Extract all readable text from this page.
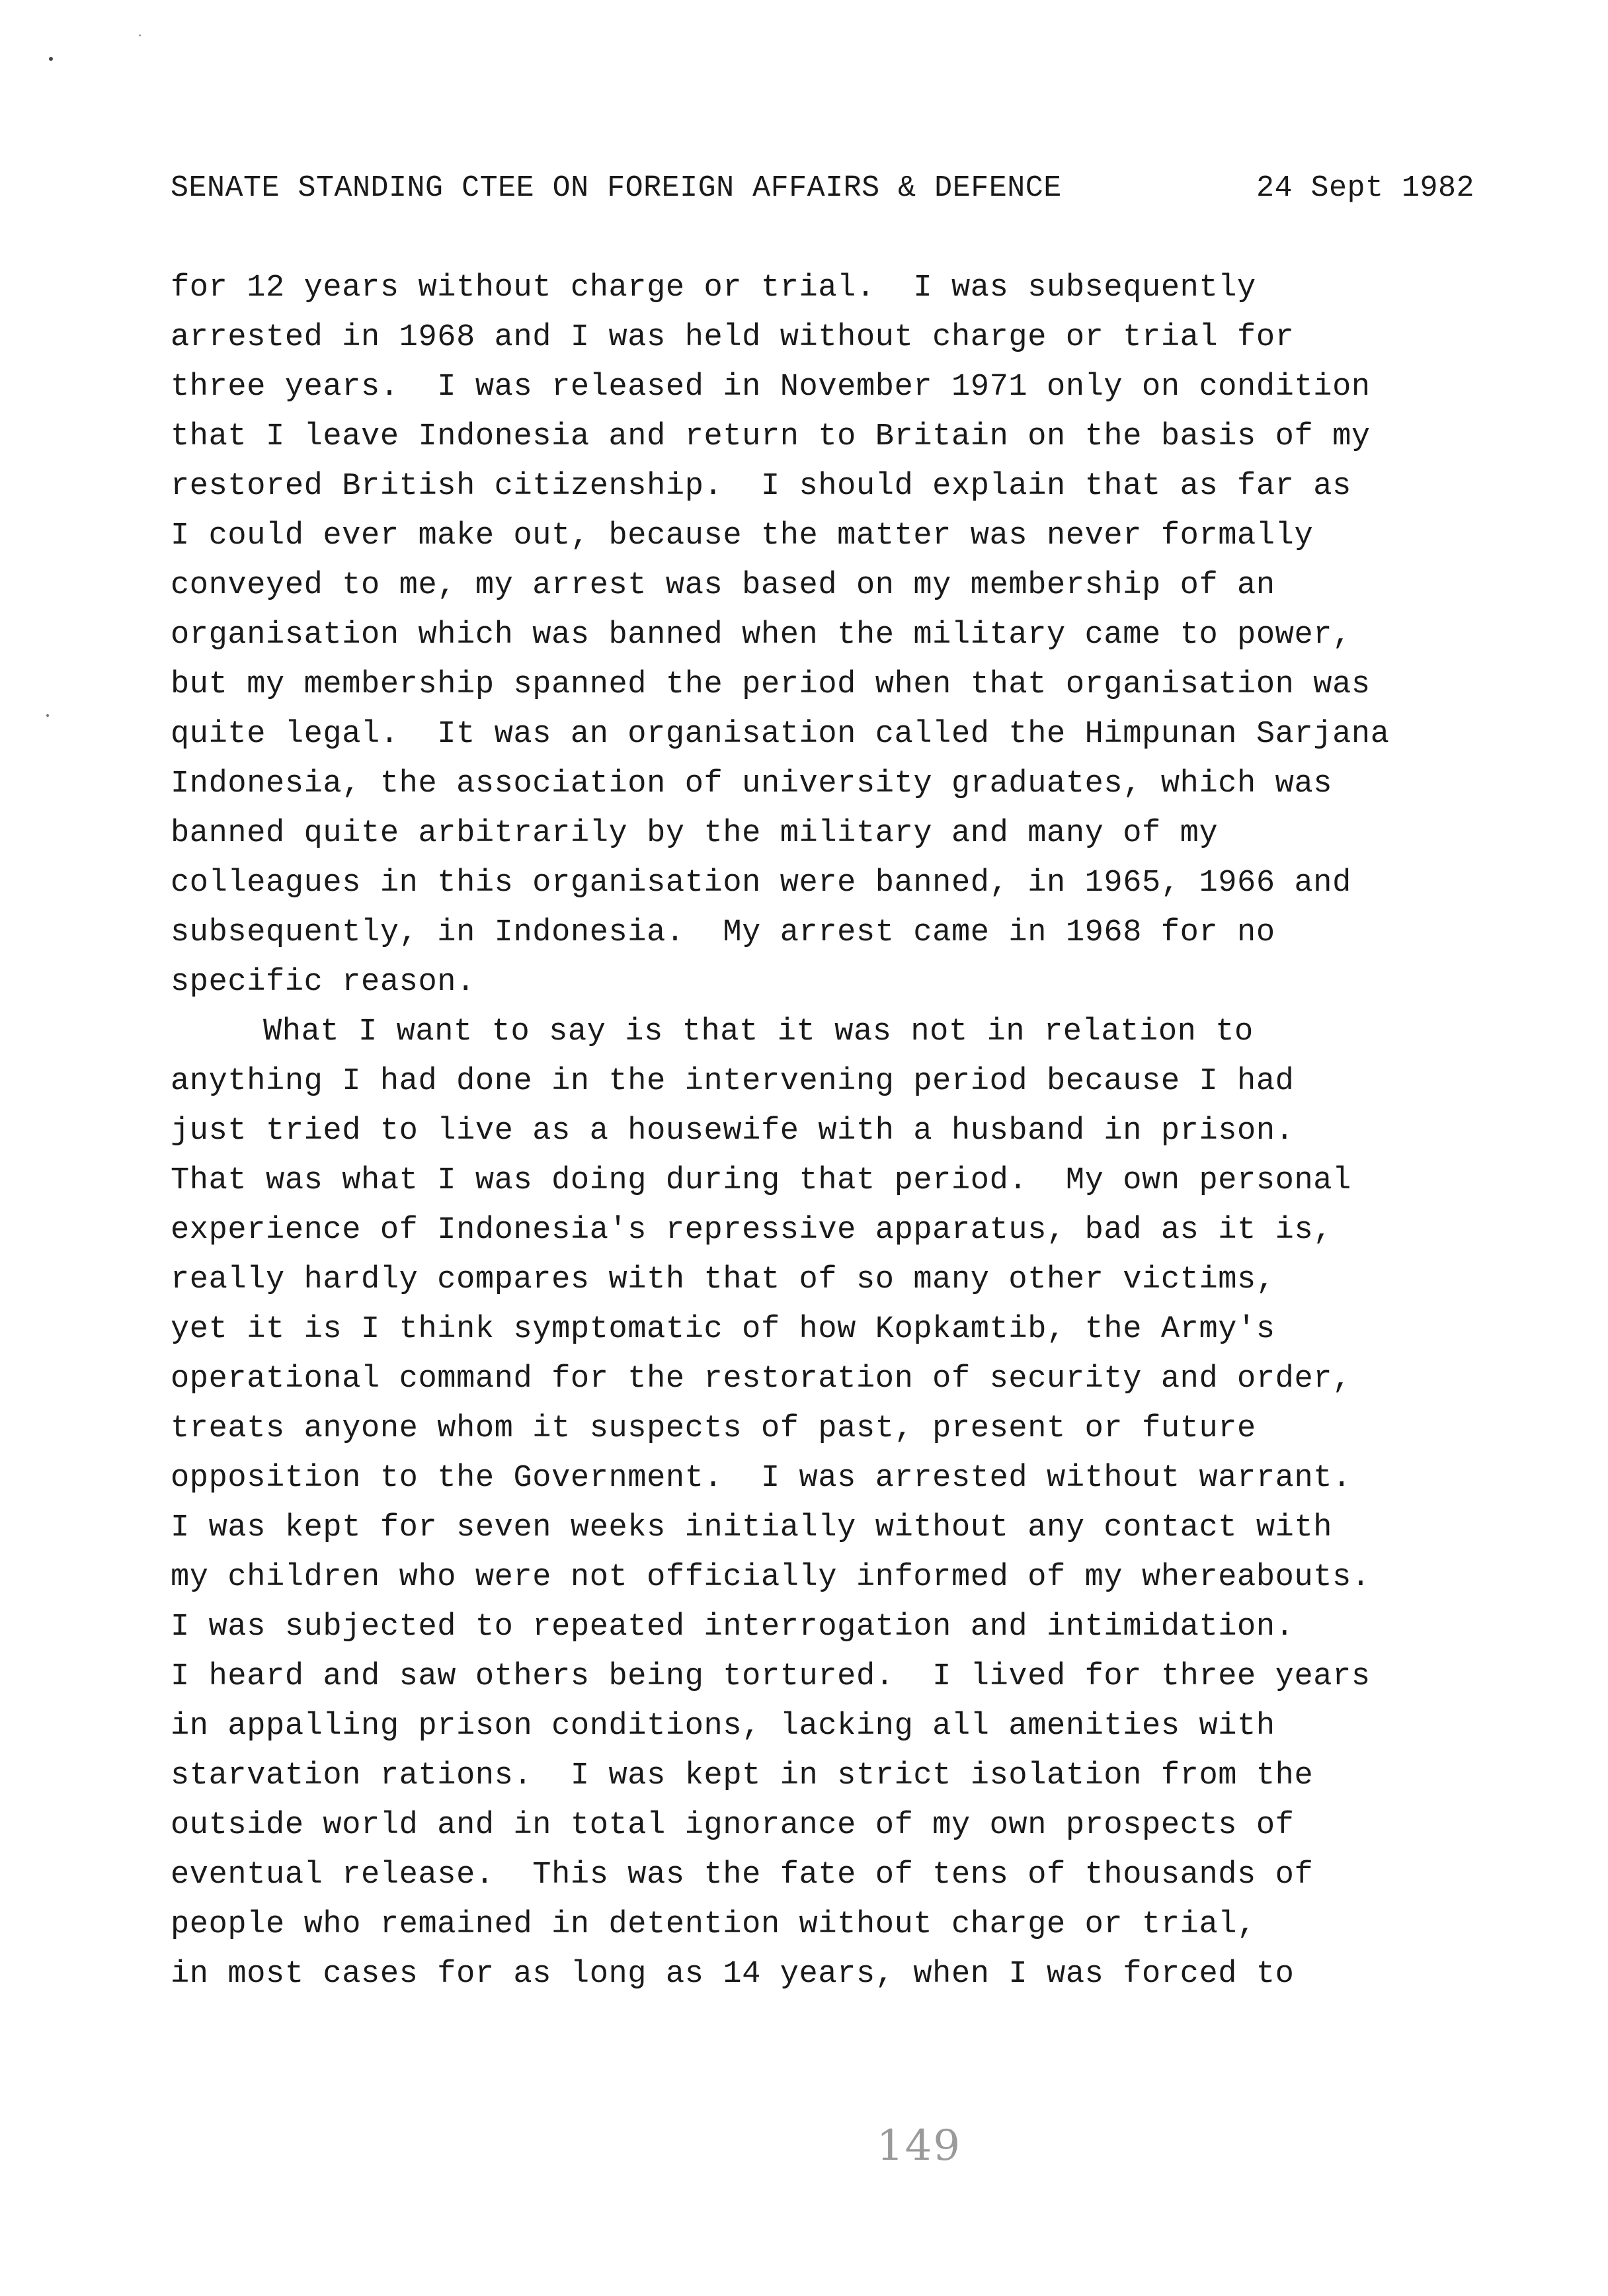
SENATE STANDING CTEE ON FOREIGN AFFAIRS & DEFENCE	24 Sept 1982
for 12 years without charge or trial.  I was subsequently
arrested in 1968 and I was held without charge or trial for
three years.  I was released in November 1971 only on condition
that I leave Indonesia and return to Britain on the basis of my
restored British citizenship.  I should explain that as far as
I could ever make out, because the matter was never formally
conveyed to me, my arrest was based on my membership of an
organisation which was banned when the military came to power,
but my membership spanned the period when that organisation was
quite legal.  It was an organisation called the Himpunan Sarjana
Indonesia, the association of university graduates, which was
banned quite arbitrarily by the military and many of my
colleagues in this organisation were banned, in 1965, 1966 and
subsequently, in Indonesia.  My arrest came in 1968 for no
specific reason.
What I want to say is that it was not in relation to
anything I had done in the intervening period because I had
just tried to live as a housewife with a husband in prison.
That was what I was doing during that period.  My own personal
experience of Indonesia's repressive apparatus, bad as it is,
really hardly compares with that of so many other victims,
yet it is I think symptomatic of how Kopkamtib, the Army's
operational command for the restoration of security and order,
treats anyone whom it suspects of past, present or future
opposition to the Government.  I was arrested without warrant.
I was kept for seven weeks initially without any contact with
my children who were not officially informed of my whereabouts.
I was subjected to repeated interrogation and intimidation.
I heard and saw others being tortured.  I lived for three years
in appalling prison conditions, lacking all amenities with
starvation rations.  I was kept in strict isolation from the
outside world and in total ignorance of my own prospects of
eventual release.  This was the fate of tens of thousands of
people who remained in detention without charge or trial,
in most cases for as long as 14 years, when I was forced to
149
